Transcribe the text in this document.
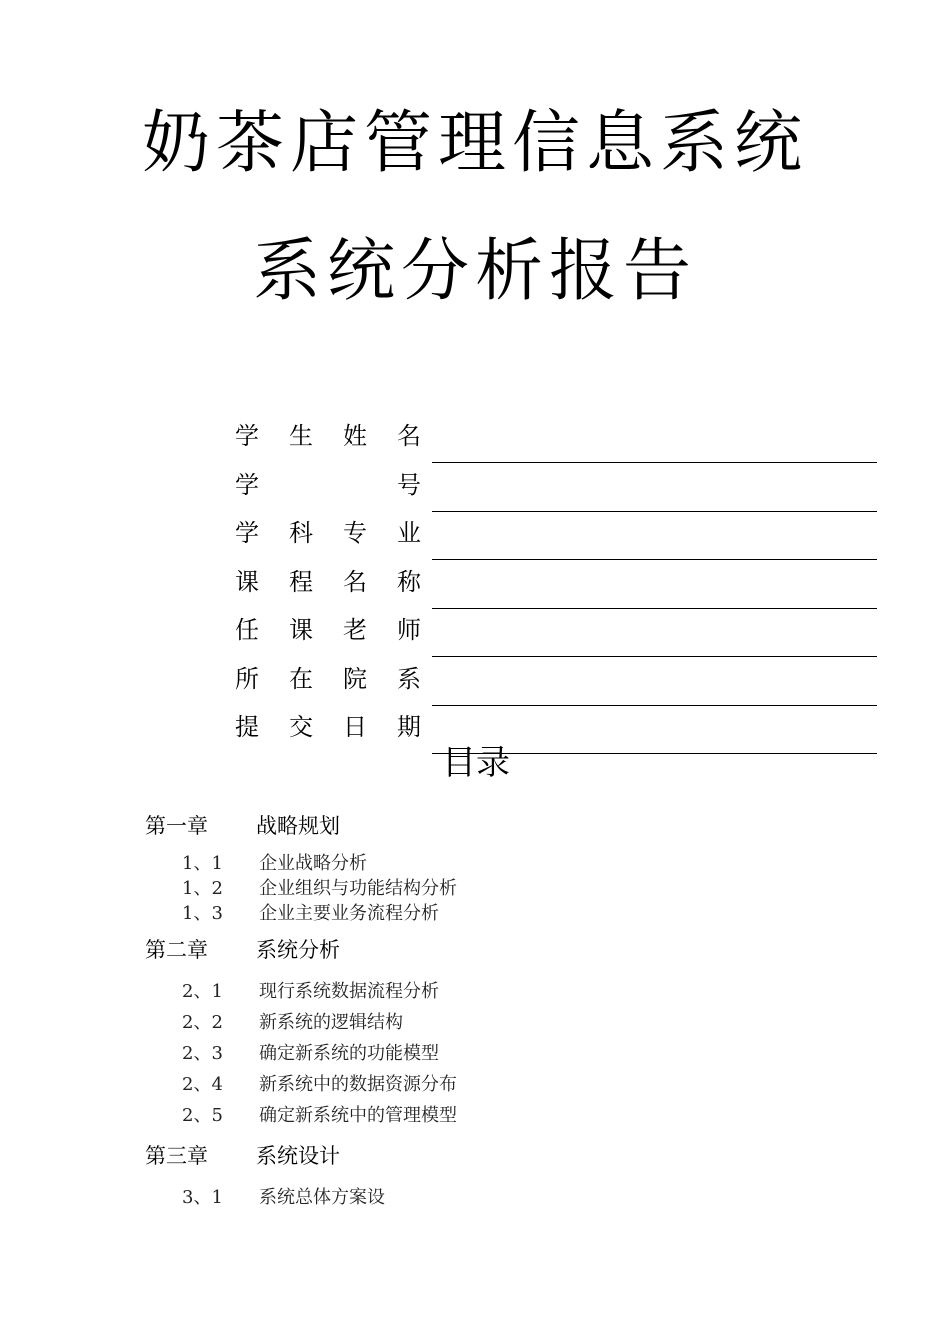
奶茶店管理信息系统
系统分析报告
学 生 姓 名
学	号
学 科 专 业
课 程 名 称
任 课 老 师
所 在 院 系
提 交 日 期
目录
第一章 战略规划
1、1 企业战略分析
1、2 企业组织与功能结构分析
1、3 企业主要业务流程分析
第二章 系统分析
2、1 现行系统数据流程分析
2、2 新系统的逻辑结构
2、3 确定新系统的功能模型
2、4 新系统中的数据资源分布
2、5 确定新系统中的管理模型
第三章 系统设计
3、1 系统总体方案设
